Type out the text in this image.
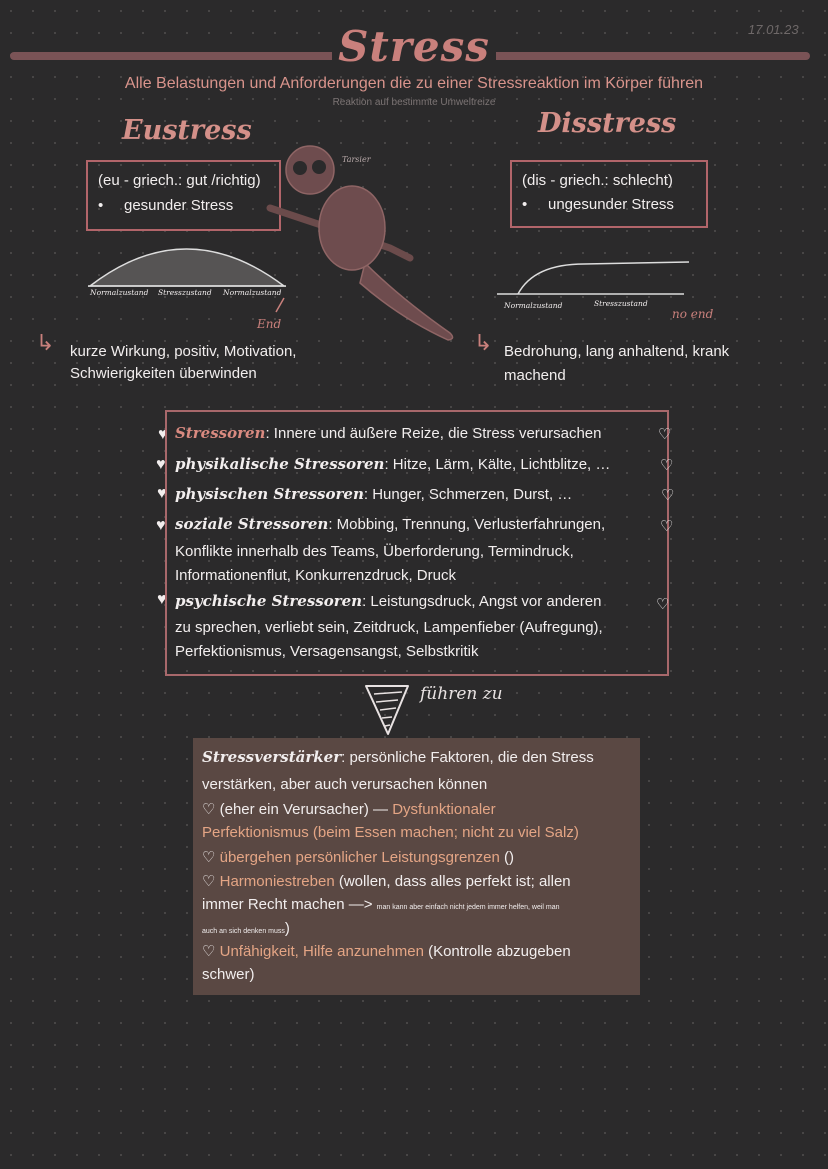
17.01.23
Stress
Alle Belastungen und Anforderungen die zu einer Stressreaktion im Körper führen
Reaktion auf bestimmte Umweltreize
Eustress
(eu - griech.: gut /richtig)
• gesunder Stress
Normalzustand Stresszustand Normalzustand
End
Tarsier
↳ kurze Wirkung, positiv, Motivation,
Schwierigkeiten überwinden
Disstress
(dis - griech.: schlecht)
• ungesunder Stress
Normalzustand	Stresszustand
no end
↳ Bedrohung, lang anhaltend, krank
machend
♥
♥
♥
♥
♥
Stressoren: Innere und äußere Reize, die Stress verursachen
physikalische Stressoren: Hitze, Lärm, Kälte, Lichtblitze, …
physischen Stressoren: Hunger, Schmerzen, Durst, …
soziale Stressoren: Mobbing, Trennung, Verlusterfahrungen,
Konflikte innerhalb des Teams, Überforderung, Termindruck,
Informationenflut, Konkurrenzdruck, Druck
psychische Stressoren: Leistungsdruck, Angst vor anderen
zu sprechen, verliebt sein, Zeitdruck, Lampenfieber (Aufregung),
Perfektionismus, Versagensangst, Selbstkritik
♡
♡
♡
♡
♡
führen zu
Stressverstärker: persönliche Faktoren, die den Stress
verstärken, aber auch verursachen können
♡ (eher ein Verursacher) — Dysfunktionaler
Perfektionismus (beim Essen machen; nicht zu viel Salz)
♡ übergehen persönlicher Leistungsgrenzen ()
♡ Harmoniestreben (wollen, dass alles perfekt ist; allen
immer Recht machen —> man kann aber einfach nicht jedem immer helfen, weil man
auch an sich denken muss)
♡ Unfähigkeit, Hilfe anzunehmen (Kontrolle abzugeben
schwer)
